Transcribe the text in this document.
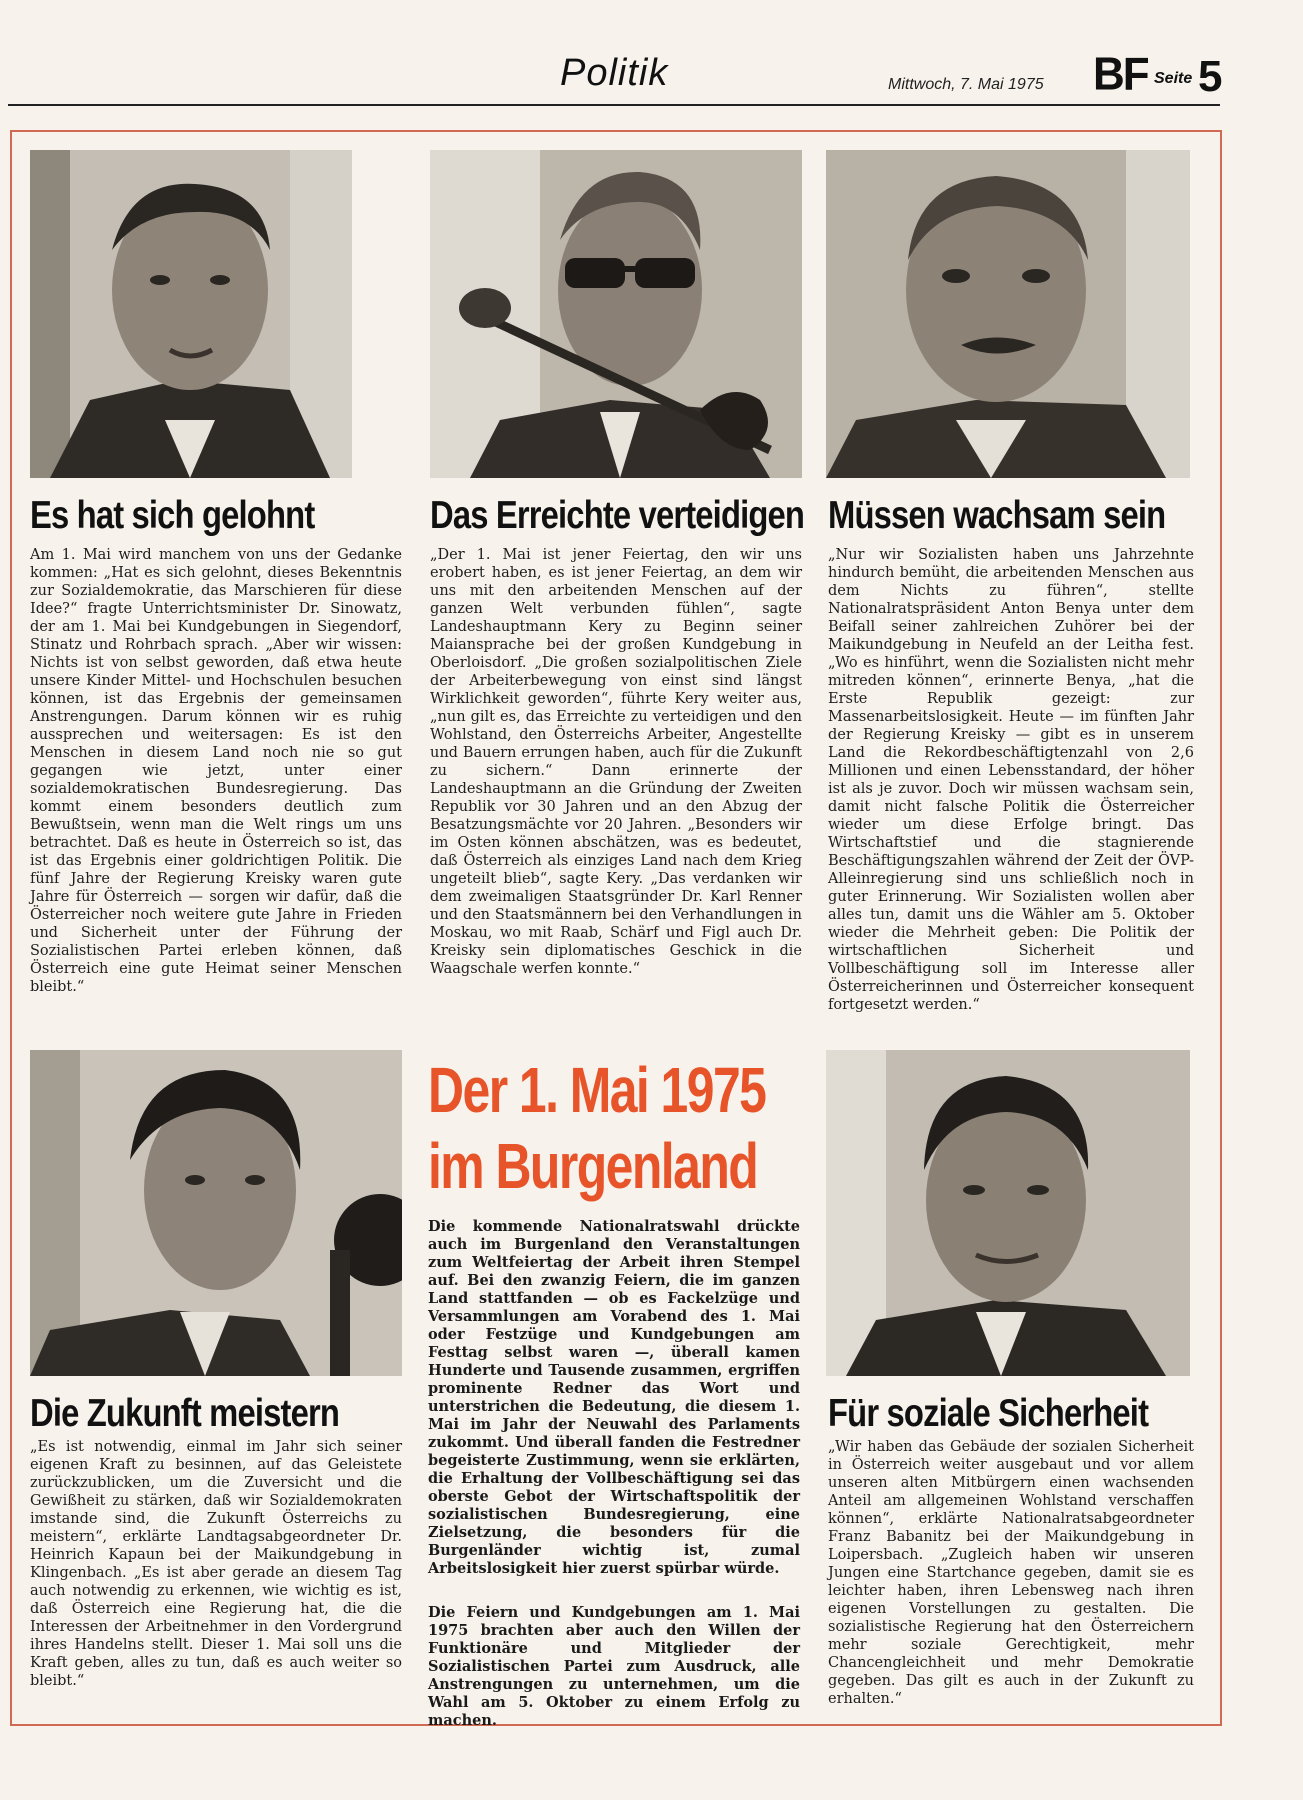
Politik	Mittwoch, 7. Mai 1975 BF Seite 5
Es hat sich gelohnt	Das Erreichte verteidigen Müssen wachsam sein
Am 1. Mai wird manchem von uns der Gedanke kommen: „Hat es sich gelohnt, dieses Bekenntnis zur Sozialdemokratie, das Marschieren für diese Idee?“ fragte Unterrichtsminister Dr. Sinowatz, der am 1. Mai bei Kundgebungen in Siegendorf, Stinatz und Rohrbach sprach. „Aber wir wissen: Nichts ist von selbst geworden, daß etwa heute unsere Kinder Mittel- und Hochschulen besuchen können, ist das Ergebnis der gemeinsamen Anstrengungen. Darum können wir es ruhig aussprechen und weitersagen: Es ist den Menschen in diesem Land noch nie so gut gegangen wie jetzt, unter einer sozialdemokratischen Bundesregierung. Das kommt einem besonders deutlich zum Bewußtsein, wenn man die Welt rings um uns betrachtet. Daß es heute in Österreich so ist, das ist das Ergebnis einer goldrichtigen Politik. Die fünf Jahre der Regierung Kreisky waren gute Jahre für Österreich — sorgen wir dafür, daß die Österreicher noch weitere gute Jahre in Frieden und Sicherheit unter der Führung der Sozialistischen Partei erleben können, daß Österreich eine gute Heimat seiner Menschen bleibt.“
„Der 1. Mai ist jener Feiertag, den wir uns erobert haben, es ist jener Feiertag, an dem wir uns mit den arbeitenden Menschen auf der ganzen Welt verbunden fühlen“, sagte Landeshauptmann Kery zu Beginn seiner Maiansprache bei der großen Kundgebung in Oberloisdorf. „Die großen sozialpolitischen Ziele der Arbeiterbewegung von einst sind längst Wirklichkeit geworden“, führte Kery weiter aus, „nun gilt es, das Erreichte zu verteidigen und den Wohlstand, den Österreichs Arbeiter, Angestellte und Bauern errungen haben, auch für die Zukunft zu sichern.“ Dann erinnerte der Landeshauptmann an die Gründung der Zweiten Republik vor 30 Jahren und an den Abzug der Besatzungsmächte vor 20 Jahren. „Besonders wir im Osten können abschätzen, was es bedeutet, daß Österreich als einziges Land nach dem Krieg ungeteilt blieb“, sagte Kery. „Das verdanken wir dem zweimaligen Staatsgründer Dr. Karl Renner und den Staatsmännern bei den Verhandlungen in Moskau, wo mit Raab, Schärf und Figl auch Dr. Kreisky sein diplomatisches Geschick in die Waagschale werfen konnte.“
„Nur wir Sozialisten haben uns Jahrzehnte hindurch bemüht, die arbeitenden Menschen aus dem Nichts zu führen“, stellte Nationalratspräsident Anton Benya unter dem Beifall seiner zahlreichen Zuhörer bei der Maikundgebung in Neufeld an der Leitha fest. „Wo es hinführt, wenn die Sozialisten nicht mehr mitreden können“, erinnerte Benya, „hat die Erste Republik gezeigt: zur Massenarbeitslosigkeit. Heute — im fünften Jahr der Regierung Kreisky — gibt es in unserem Land die Rekordbeschäftigtenzahl von 2,6 Millionen und einen Lebensstandard, der höher ist als je zuvor. Doch wir müssen wachsam sein, damit nicht falsche Politik die Österreicher wieder um diese Erfolge bringt. Das Wirtschaftstief und die stagnierende Beschäftigungszahlen während der Zeit der ÖVP-Alleinregierung sind uns schließlich noch in guter Erinnerung. Wir Sozialisten wollen aber alles tun, damit uns die Wähler am 5. Oktober wieder die Mehrheit geben: Die Politik der wirtschaftlichen Sicherheit und Vollbeschäftigung soll im Interesse aller Österreicherinnen und Österreicher konsequent fortgesetzt werden.“
Die Zukunft meistern
„Es ist notwendig, einmal im Jahr sich seiner eigenen Kraft zu besinnen, auf das Geleistete zurückzublicken, um die Zuversicht und die Gewißheit zu stärken, daß wir Sozialdemokraten imstande sind, die Zukunft Österreichs zu meistern“, erklärte Landtagsabgeordneter Dr. Heinrich Kapaun bei der Maikundgebung in Klingenbach. „Es ist aber gerade an diesem Tag auch notwendig zu erkennen, wie wichtig es ist, daß Österreich eine Regierung hat, die die Interessen der Arbeitnehmer in den Vordergrund ihres Handelns stellt. Dieser 1. Mai soll uns die Kraft geben, alles zu tun, daß es auch weiter so bleibt.“
Der 1. Mai 1975
im Burgenland
Die kommende Nationalratswahl drückte auch im Burgenland den Veranstaltungen zum Weltfeiertag der Arbeit ihren Stempel auf. Bei den zwanzig Feiern, die im ganzen Land stattfanden — ob es Fackelzüge und Versammlungen am Vorabend des 1. Mai oder Festzüge und Kundgebungen am Festtag selbst waren —, überall kamen Hunderte und Tausende zusammen, ergriffen prominente Redner das Wort und unterstrichen die Bedeutung, die diesem 1. Mai im Jahr der Neuwahl des Parlaments zukommt. Und überall fanden die Festredner begeisterte Zustimmung, wenn sie erklärten, die Erhaltung der Vollbeschäftigung sei das oberste Gebot der Wirtschaftspolitik der sozialistischen Bundesregierung, eine Zielsetzung, die besonders für die Burgenländer wichtig ist, zumal Arbeitslosigkeit hier zuerst spürbar würde.
Die Feiern und Kundgebungen am 1. Mai 1975 brachten aber auch den Willen der Funktionäre und Mitglieder der Sozialistischen Partei zum Ausdruck, alle Anstrengungen zu unternehmen, um die Wahl am 5. Oktober zu einem Erfolg zu machen.
Für soziale Sicherheit
„Wir haben das Gebäude der sozialen Sicherheit in Österreich weiter ausgebaut und vor allem unseren alten Mitbürgern einen wachsenden Anteil am allgemeinen Wohlstand verschaffen können“, erklärte Nationalratsabgeordneter Franz Babanitz bei der Maikundgebung in Loipersbach. „Zugleich haben wir unseren Jungen eine Startchance gegeben, damit sie es leichter haben, ihren Lebensweg nach ihren eigenen Vorstellungen zu gestalten. Die sozialistische Regierung hat den Österreichern mehr soziale Gerechtigkeit, mehr Chancengleichheit und mehr Demokratie gegeben. Das gilt es auch in der Zukunft zu erhalten.“
